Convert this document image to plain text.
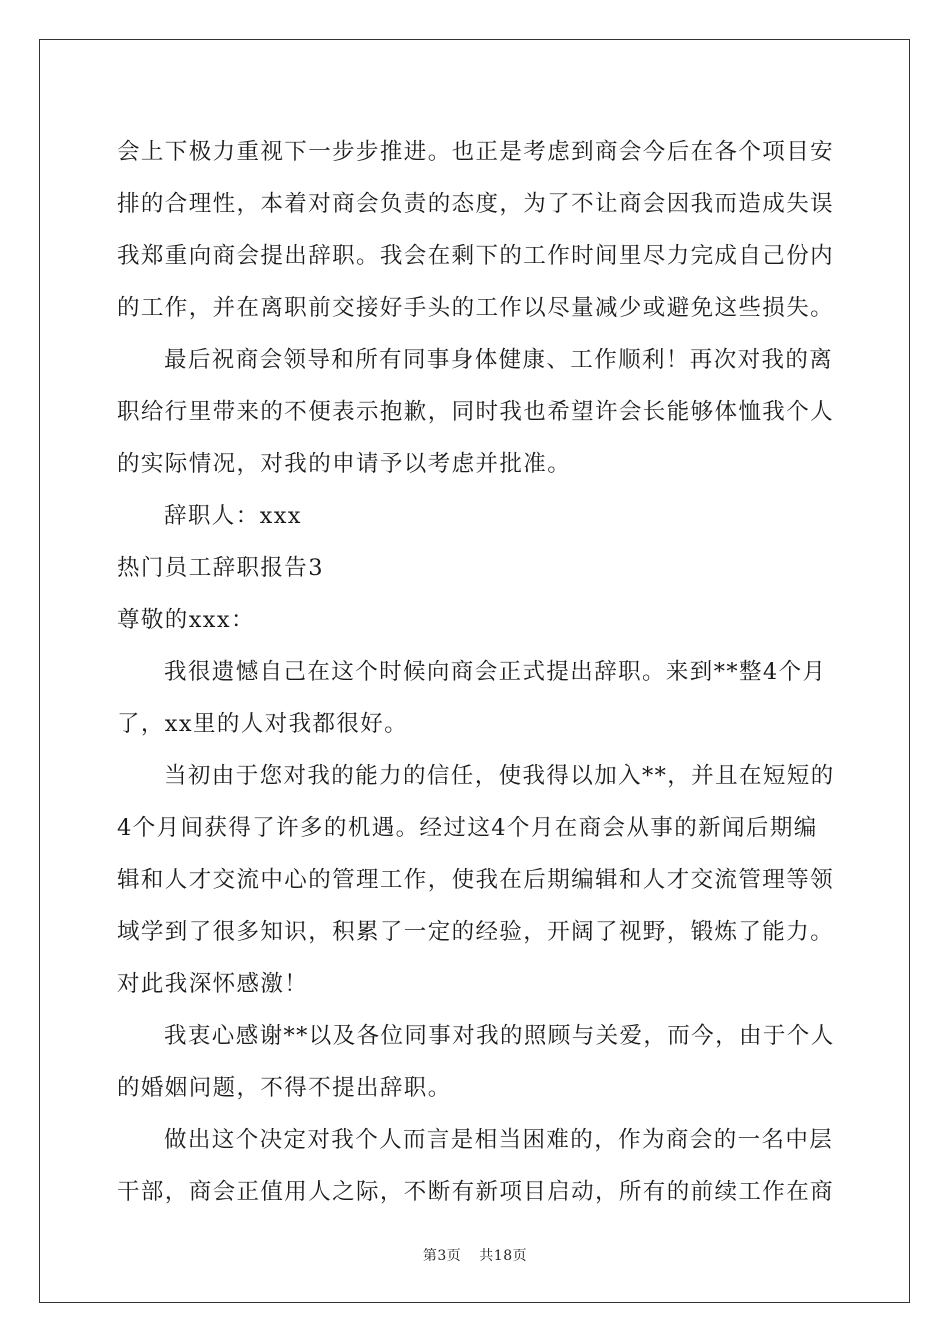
会上下极力重视下一步步推进。也正是考虑到商会今后在各个项目安
排的合理性，本着对商会负责的态度，为了不让商会因我而造成失误
我郑重向商会提出辞职。我会在剩下的工作时间里尽力完成自己份内
的工作，并在离职前交接好手头的工作以尽量减少或避免这些损失。
最后祝商会领导和所有同事身体健康、工作顺利！再次对我的离
职给行里带来的不便表示抱歉，同时我也希望许会长能够体恤我个人
的实际情况，对我的申请予以考虑并批准。
辞职人：xxx
热门员工辞职报告3
尊敬的xxx：
我很遗憾自己在这个时候向商会正式提出辞职。来到**整4个月
了，xx里的人对我都很好。
当初由于您对我的能力的信任，使我得以加入**，并且在短短的
4个月间获得了许多的机遇。经过这4个月在商会从事的新闻后期编
辑和人才交流中心的管理工作，使我在后期编辑和人才交流管理等领
域学到了很多知识，积累了一定的经验，开阔了视野，锻炼了能力。
对此我深怀感激！
我衷心感谢**以及各位同事对我的照顾与关爱，而今，由于个人
的婚姻问题，不得不提出辞职。
做出这个决定对我个人而言是相当困难的，作为商会的一名中层
干部，商会正值用人之际，不断有新项目启动，所有的前续工作在商
第3页 共18页
